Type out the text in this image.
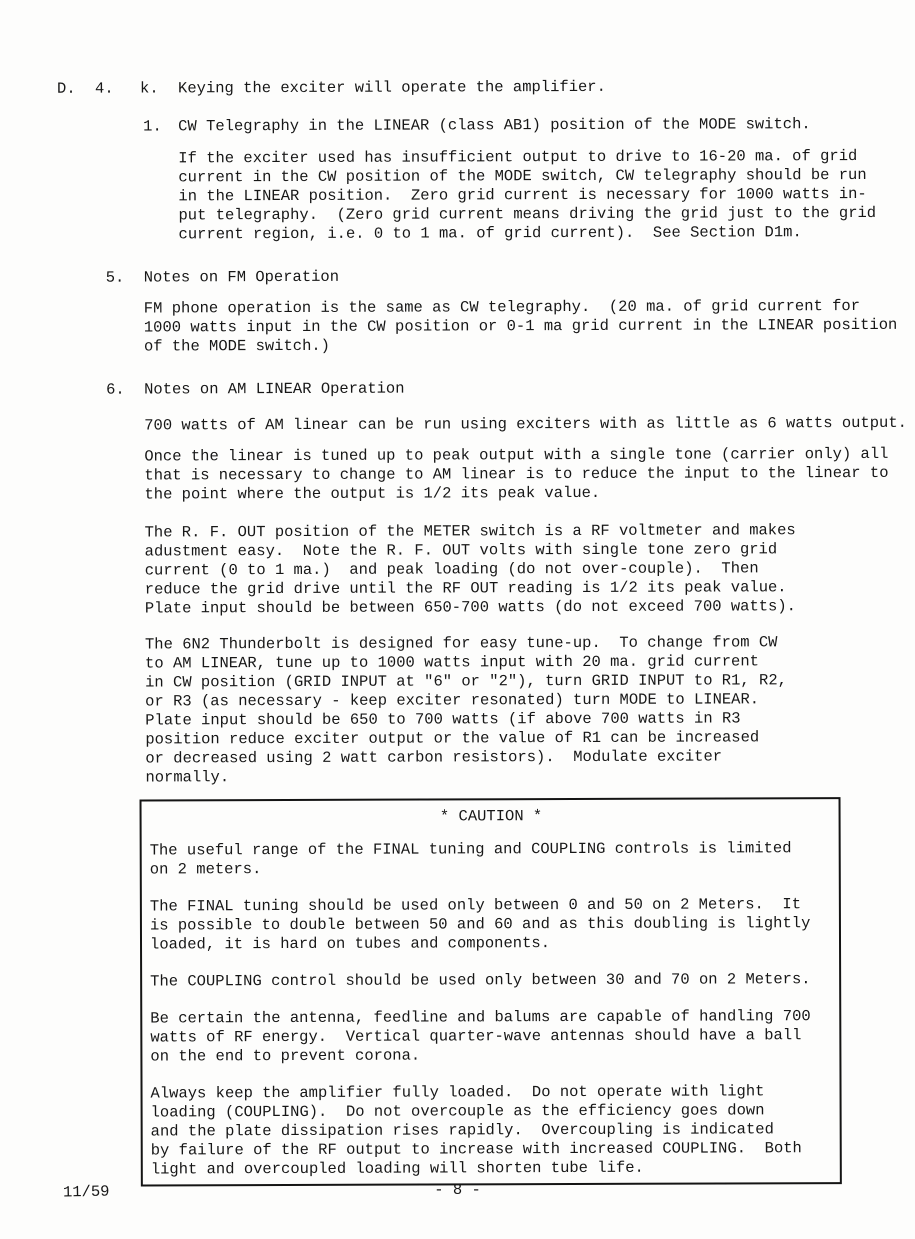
D.	4.	k.	Keying the exciter will operate the amplifier.
1.	CW Telegraphy in the LINEAR (class AB1) position of the MODE switch.
If the exciter used has insufficient output to drive to 16-20 ma. of grid
current in the CW position of the MODE switch, CW telegraphy should be run
in the LINEAR position.  Zero grid current is necessary for 1000 watts in-
put telegraphy.  (Zero grid current means driving the grid just to the grid
current region, i.e. 0 to 1 ma. of grid current).  See Section D1m.
5.	Notes on FM Operation
FM phone operation is the same as CW telegraphy.  (20 ma. of grid current for
1000 watts input in the CW position or 0-1 ma grid current in the LINEAR position
of the MODE switch.)
6.	Notes on AM LINEAR Operation
700 watts of AM linear can be run using exciters with as little as 6 watts output.
Once the linear is tuned up to peak output with a single tone (carrier only) all
that is necessary to change to AM linear is to reduce the input to the linear to
the point where the output is 1/2 its peak value.
The R. F. OUT position of the METER switch is a RF voltmeter and makes
adustment easy.  Note the R. F. OUT volts with single tone zero grid
current (0 to 1 ma.)  and peak loading (do not over-couple).  Then
reduce the grid drive until the RF OUT reading is 1/2 its peak value.
Plate input should be between 650-700 watts (do not exceed 700 watts).
The 6N2 Thunderbolt is designed for easy tune-up.  To change from CW
to AM LINEAR, tune up to 1000 watts input with 20 ma. grid current
in CW position (GRID INPUT at "6" or "2"), turn GRID INPUT to R1, R2,
or R3 (as necessary - keep exciter resonated) turn MODE to LINEAR.
Plate input should be 650 to 700 watts (if above 700 watts in R3
position reduce exciter output or the value of R1 can be increased
or decreased using 2 watt carbon resistors).  Modulate exciter
normally.
* CAUTION *
The useful range of the FINAL tuning and COUPLING controls is limited
on 2 meters.
The FINAL tuning should be used only between 0 and 50 on 2 Meters.  It
is possible to double between 50 and 60 and as this doubling is lightly
loaded, it is hard on tubes and components.
The COUPLING control should be used only between 30 and 70 on 2 Meters.
Be certain the antenna, feedline and balums are capable of handling 700
watts of RF energy.  Vertical quarter-wave antennas should have a ball
on the end to prevent corona.
Always keep the amplifier fully loaded.  Do not operate with light
loading (COUPLING).  Do not overcouple as the efficiency goes down
and the plate dissipation rises rapidly.  Overcoupling is indicated
by failure of the RF output to increase with increased COUPLING.  Both
light and overcoupled loading will shorten tube life.
11/59	- 8 -
